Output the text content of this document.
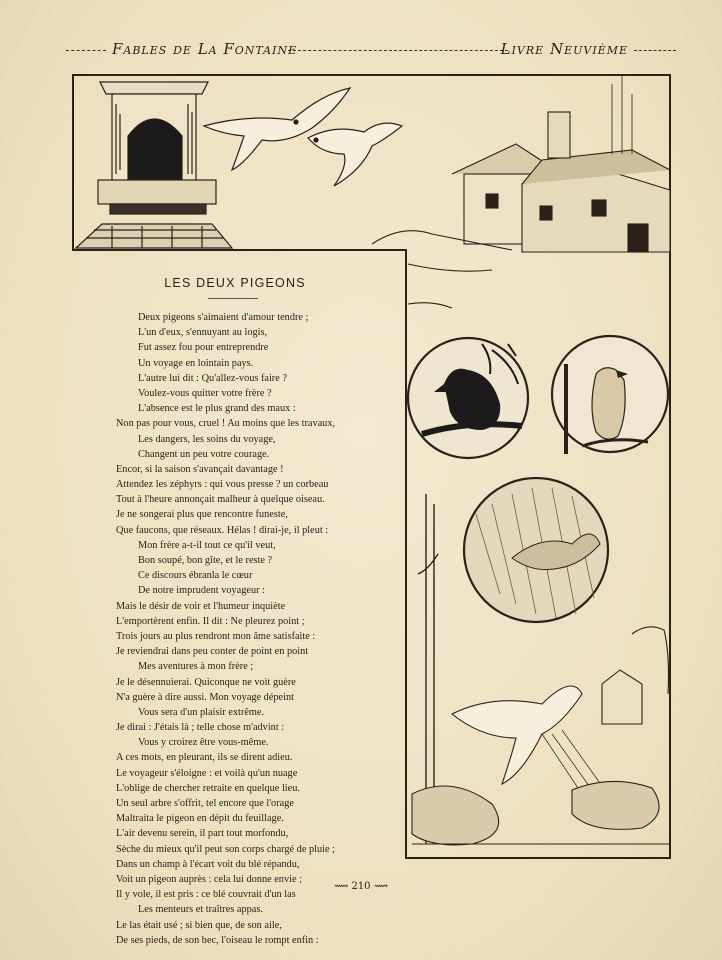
Fables de La Fontaine	Livre Neuvième
LES DEUX PIGEONS
Deux pigeons s'aimaient d'amour tendre ;
L'un d'eux, s'ennuyant au logis,
Fut assez fou pour entreprendre
Un voyage en lointain pays.
L'autre lui dit : Qu'allez-vous faire ?
Voulez-vous quitter votre frère ?
L'absence est le plus grand des maux :
Non pas pour vous, cruel ! Au moins que les travaux,
Les dangers, les soins du voyage,
Changent un peu votre courage.
Encor, si la saison s'avançait davantage !
Attendez les zéphyrs : qui vous presse ? un corbeau
Tout à l'heure annonçait malheur à quelque oiseau.
Je ne songerai plus que rencontre funeste,
Que faucons, que réseaux. Hélas ! dirai-je, il pleut :
Mon frère a-t-il tout ce qu'il veut,
Bon soupé, bon gîte, et le reste ?
Ce discours ébranla le cœur
De notre imprudent voyageur :
Mais le désir de voir et l'humeur inquiète
L'emportèrent enfin. Il dit : Ne pleurez point ;
Trois jours au plus rendront mon âme satisfaite :
Je reviendrai dans peu conter de point en point
Mes aventures à mon frère ;
Je le désennuierai. Quiconque ne voit guère
N'a guère à dire aussi. Mon voyage dépeint
Vous sera d'un plaisir extrême.
Je dirai : J'étais là ; telle chose m'advint :
Vous y croirez être vous-même.
A ces mots, en pleurant, ils se dirent adieu.
Le voyageur s'éloigne : et voilà qu'un nuage
L'oblige de chercher retraite en quelque lieu.
Un seul arbre s'offrit, tel encore que l'orage
Maltraita le pigeon en dépit du feuillage.
L'air devenu serein, il part tout morfondu,
Sèche du mieux qu'il peut son corps chargé de pluie ;
Dans un champ à l'écart voit du blé répandu,
Voit un pigeon auprès : cela lui donne envie ;
Il y vole, il est pris : ce blé couvrait d'un las
Les menteurs et traîtres appas.
Le las était usé ; si bien que, de son aile,
De ses pieds, de son bec, l'oiseau le rompt enfin :
⟿ 210 ⟿
